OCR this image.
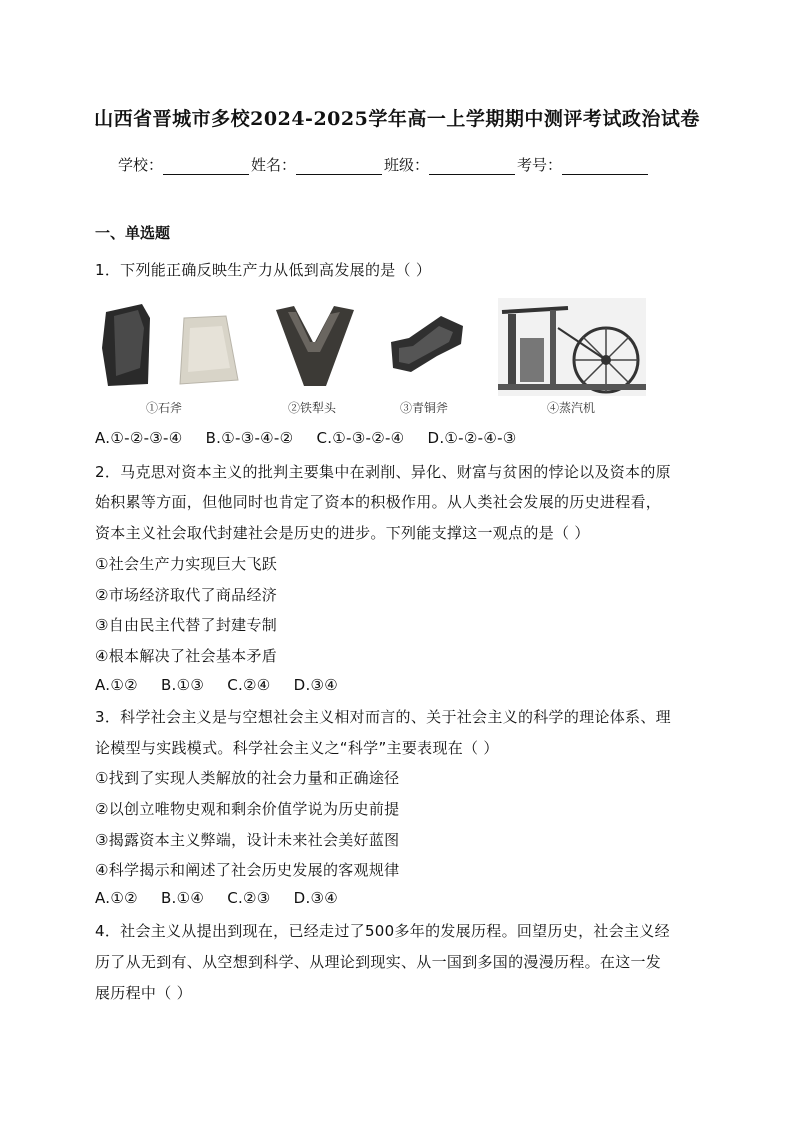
山西省晋城市多校2024-2025学年高一上学期期中测评考试政治试卷
学校：	姓名：	班级：	考号：
一、单选题
1．下列能正确反映生产力从低到高发展的是（ ）
①石斧	②铁犁头	③青铜斧	④蒸汽机
A.①-②-③-④ B.①-③-④-② C.①-③-②-④ D.①-②-④-③
2．马克思对资本主义的批判主要集中在剥削、异化、财富与贫困的悖论以及资本的原
始积累等方面，但他同时也肯定了资本的积极作用。从人类社会发展的历史进程看，
资本主义社会取代封建社会是历史的进步。下列能支撑这一观点的是（ ）
①社会生产力实现巨大飞跃
②市场经济取代了商品经济
③自由民主代替了封建专制
④根本解决了社会基本矛盾
A.①② B.①③ C.②④ D.③④
3．科学社会主义是与空想社会主义相对而言的、关于社会主义的科学的理论体系、理
论模型与实践模式。科学社会主义之“科学”主要表现在（ ）
①找到了实现人类解放的社会力量和正确途径
②以创立唯物史观和剩余价值学说为历史前提
③揭露资本主义弊端，设计未来社会美好蓝图
④科学揭示和阐述了社会历史发展的客观规律
A.①② B.①④ C.②③ D.③④
4．社会主义从提出到现在，已经走过了500多年的发展历程。回望历史，社会主义经
历了从无到有、从空想到科学、从理论到现实、从一国到多国的漫漫历程。在这一发
展历程中（ ）
